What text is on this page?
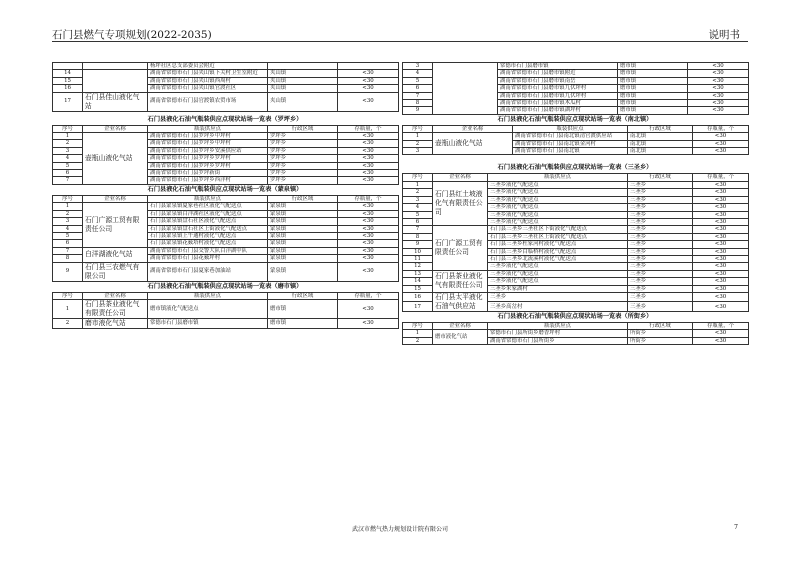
石门县燃气专项规划(2022-2035)	说明书
		杨坪社区总支部委员会附近		
14		湖南省常德市石门县夹山镇下关村卫生室附近	夹山镇	<30
15		湖南省常德市石门县夹山镇西周村	夹山镇	<30
16		湖南省常德市石门县夹山镇官渡社区	夹山镇	<30
17	石门县佳山液化气站	湖南省常德市石门县官渡镇农贸市场	夹山镇	<30
石门县液化石油气瓶装供应点现状站场一览表（罗坪乡）
序号	企业名称	瓶装供应点	行政区域	存瓶量，个
1	壶瓶山液化气站	湖南省常德市石门县罗坪乡中坪村	罗坪乡	<30
2		湖南省常德市石门县罗坪乡中坪村	罗坪乡	<30
3		湖南省常德市石门县罗坪乡安溪供应站	罗坪乡	<30
4		湖南省常德市石门县罗坪乡罗坪村	罗坪乡	<30
5		湖南省常德市石门县罗坪乡罗坪村	罗坪乡	<30
6		湖南省常德市石门县罗坪新街	罗坪乡	<30
7		湖南省常德市石门县罗坪乡西洋村	罗坪乡	<30
石门县液化石油气瓶装供应点现状站场一览表（蒙泉镇）
序号	企业名称	瓶装供应点	行政区域	存瓶量，个
1	石门广源工贸有限责任公司	石门县蒙泉镇夏家巷社区液化气配送点	蒙泉镇	<30
2		石门县蒙泉镇白洋湖社区液化气配送点	蒙泉镇	<30
3		石门县蒙泉镇盘石社区液化气配送点	蒙泉镇	<30
4		石门县蒙泉镇盘石社区上街液化气配送点	蒙泉镇	<30
5		石门县蒙泉镇上午通村液化气配送点	蒙泉镇	<30
6		石门县蒙泉镇花薮塔村液化气配送点	蒙泉镇	<30
7	白洋湖液化气站	湖南省常德市石门县交警大队白洋湖中队	蒙泉镇	<30
8		湖南省常德市石门县花薮坪村	蒙泉镇	<30
9	石门县三农燃气有限公司	湖南省常德市石门县夏家巷加油站	蒙泉镇	<30
石门县液化石油气瓶装供应点现状站场一览表（磨市镇）
序号	企业名称	瓶装供应点	行政区域	存瓶量，个
1	石门县茶业液化气有限责任公司	磨市镇液化气配送点	磨市镇	<30
2	磨市液化气站	常德市石门县磨市镇	磨市镇	<30
3		常德市石门县磨市镇	磨市镇	<30
4		湖南省常德市石门县磨市镇附近	磨市镇	<30
5		湖南省常德市石门县磨市镇南岳	磨市镇	<30
6		湖南省常德市石门县磨市镇九伏坪村	磨市镇	<30
7		湖南省常德市石门县磨市镇九伏坪村	磨市镇	<30
8		湖南省常德市石门县磨市镇木瓜村	磨市镇	<30
9		湖南省常德市石门县磨市镇湖坪村	磨市镇	<30
石门县液化石油气瓶装供应点现状站场一览表（南北镇）
序号	企业名称	瓶装供应点	行政区域	存瓶量，个
1	壶瓶山液化气站	湖南省常德市石门县南北镇清官渡供应站	南北镇	<30
2		湖南省常德市石门县南北镇金河村	南北镇	<30
3		湖南省常德市石门县南北镇	南北镇	<30
石门县液化石油气瓶装供应点现状站场一览表（三圣乡）
序号	企业名称	瓶装供应点	行政区域	存瓶量，个
1	石门县红土坡液化气有限责任公司	三圣乡液化气配送点	三圣乡	<30
2		三圣乡液化气配送点	三圣乡	<30
3		三圣乡液化气配送点	三圣乡	<30
4		三圣乡液化气配送点	三圣乡	<30
5		三圣乡液化气配送点	三圣乡	<30
6		三圣乡液化气配送点	三圣乡	<30
7	石门广源工贸有限责任公司	石门县三圣乡三圣社区下街液化气配送点	三圣乡	<30
8		石门县三圣乡三圣社区上街液化气配送点	三圣乡	<30
9		石门县三圣乡杜家河村液化气配送点	三圣乡	<30
10		石门县三圣乡白临桥村液化气配送点	三圣乡	<30
11		石门县三圣乡北流溪村液化气配送点	三圣乡	<30
12		三圣乡液化气配送点	三圣乡	<30
13	石门县茶业液化气有限责任公司	三圣乡液化气配送点	三圣乡	<30
14		三圣乡液化气配送点	三圣乡	<30
15		三圣乡朱家湖村	三圣乡	<30
16	石门县太平液化石油气供应站	三圣乡	三圣乡	<30
17		三圣乡高岔村	三圣乡	<30
石门县液化石油气瓶装供应点现状站场一览表（所街乡）
序号	企业名称	瓶装供应点	行政区域	存瓶量，个
1	磨市液化气站	常德市石门县所街乡磨香坪村	所街乡	<30
2		湖南省常德市石门县所街乡	所街乡	<30
武汉市燃气热力规划设计院有限公司	7
